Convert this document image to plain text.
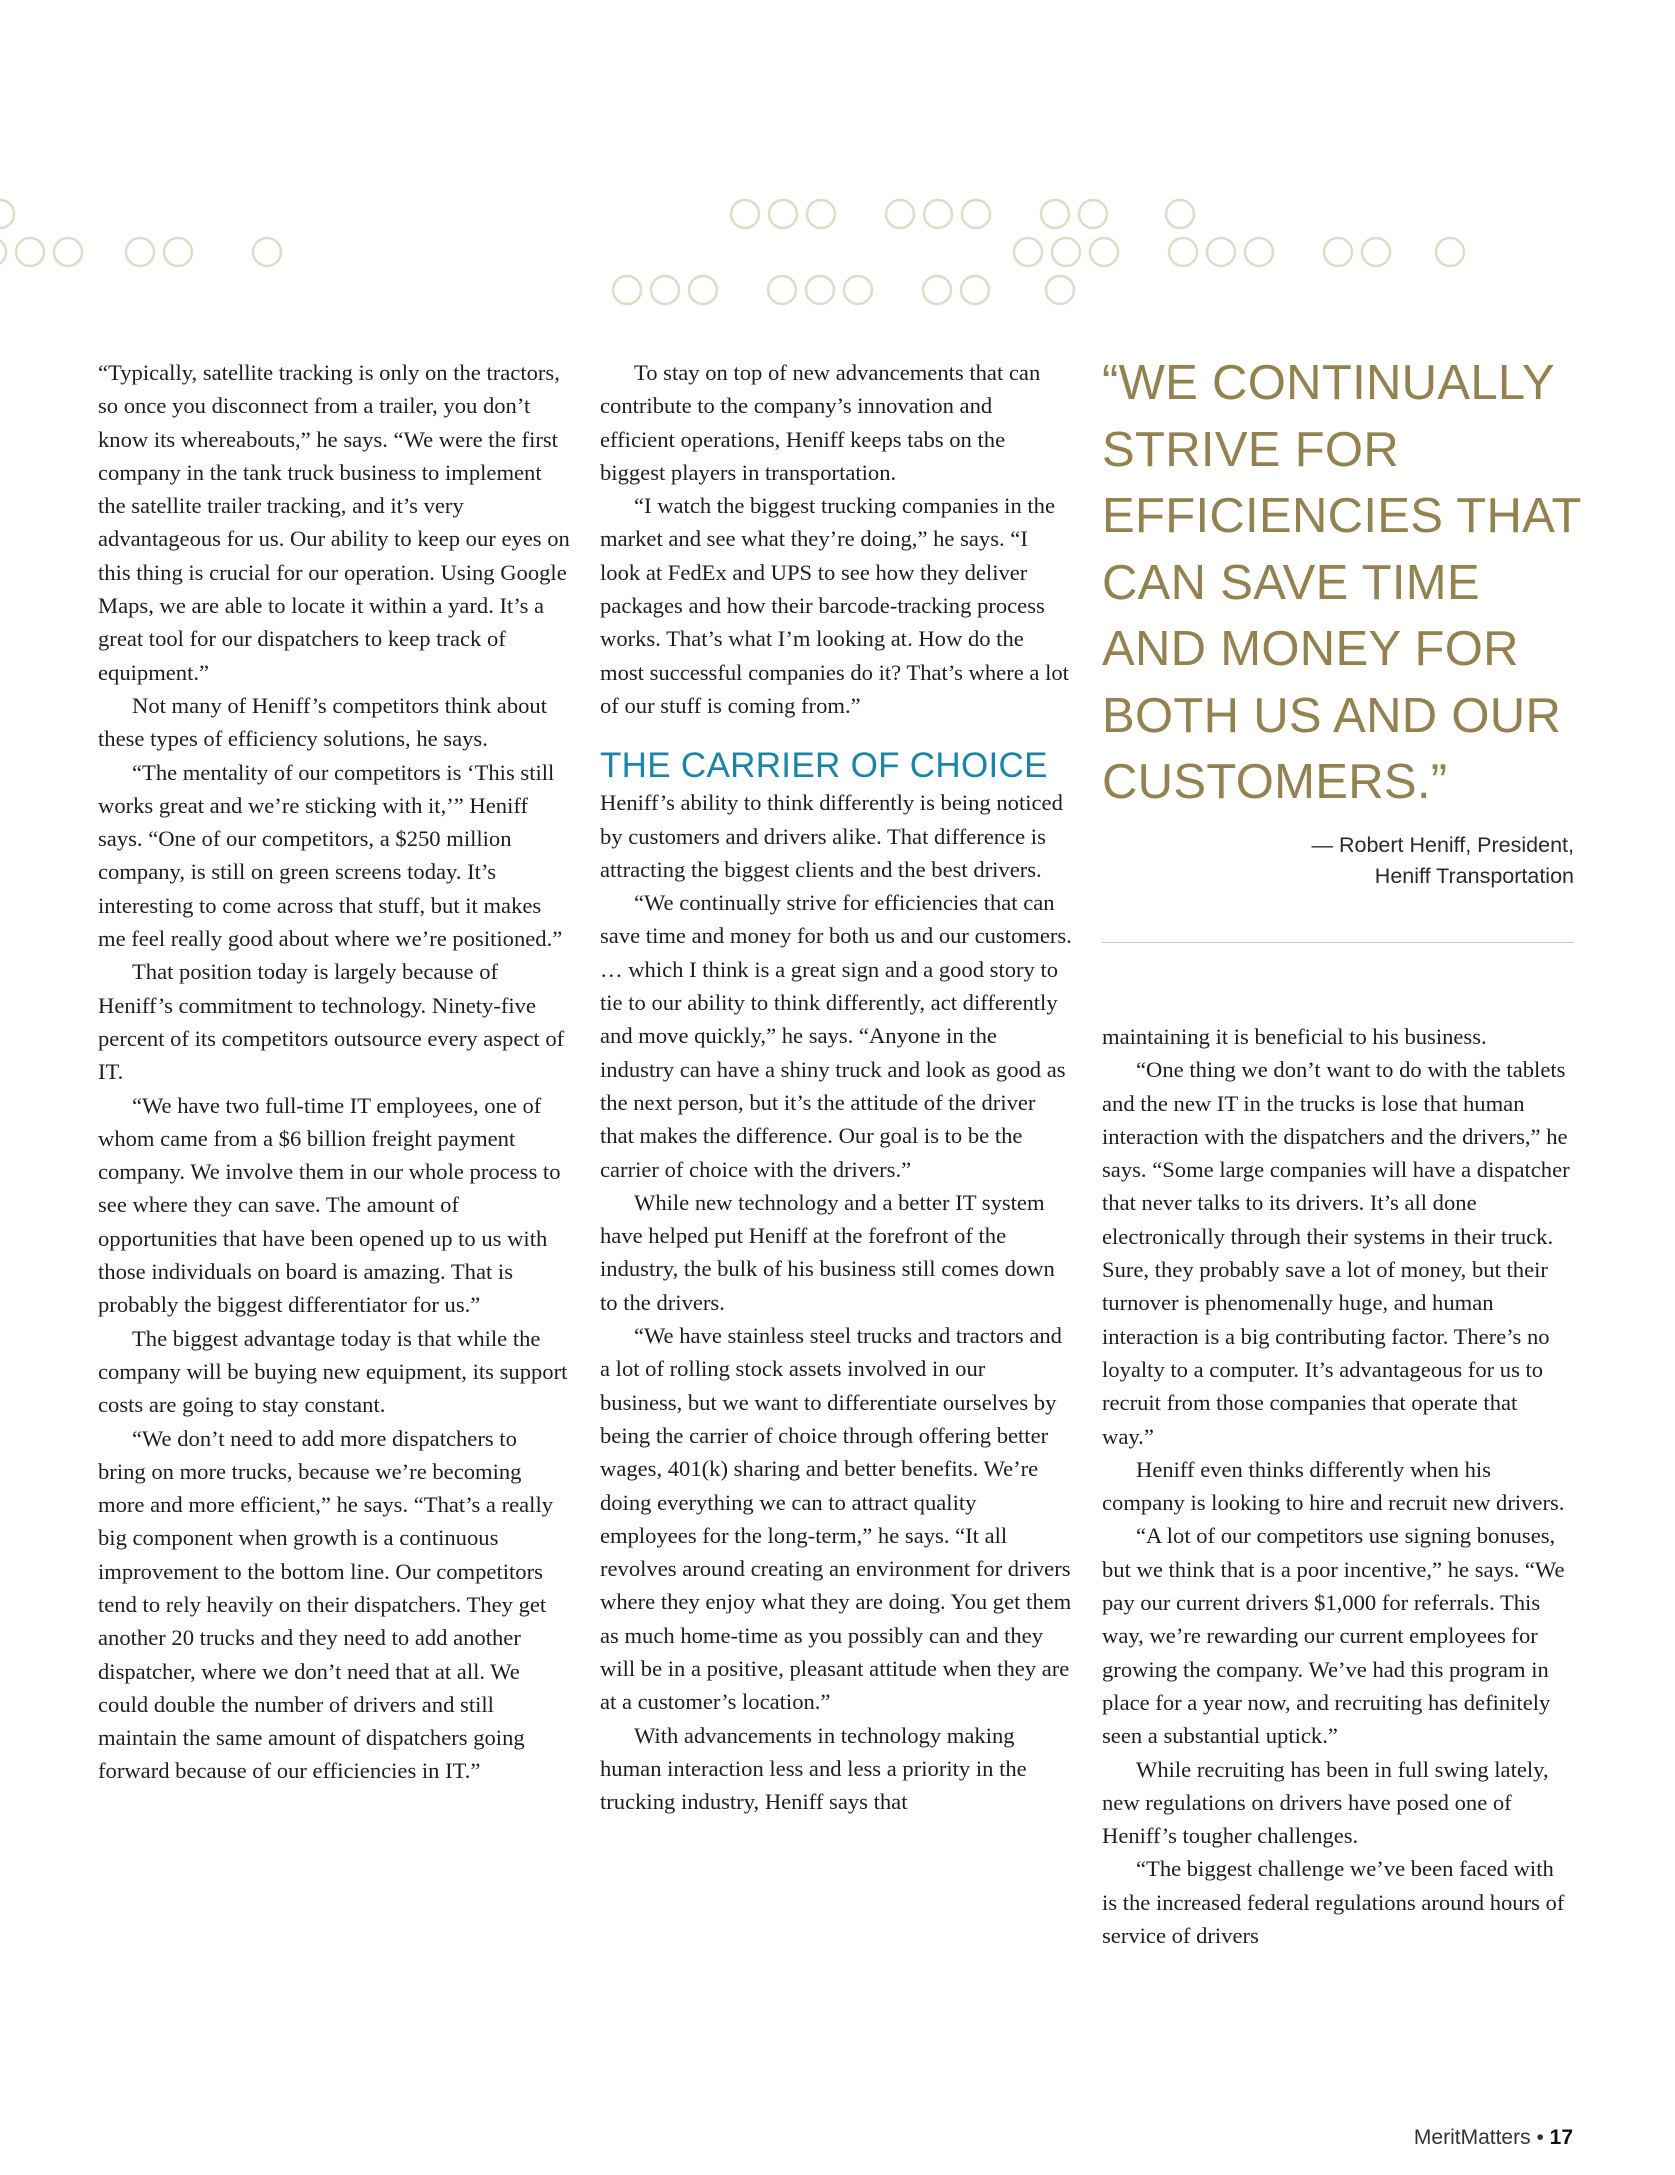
“Typically, satellite tracking is only on the tractors, so once you disconnect from a trailer, you don’t know its whereabouts,” he says. “We were the first company in the tank truck business to implement the satellite trailer tracking, and it’s very advantageous for us. Our ability to keep our eyes on this thing is crucial for our operation. Using Google Maps, we are able to locate it within a yard. It’s a great tool for our dispatchers to keep track of equipment.”

Not many of Heniff’s competitors think about these types of efficiency solutions, he says.

“The mentality of our competitors is ‘This still works great and we’re sticking with it,’” Heniff says. “One of our competitors, a $250 million company, is still on green screens today. It’s interesting to come across that stuff, but it makes me feel really good about where we’re positioned.”

That position today is largely because of Heniff’s commitment to technology. Ninety-five percent of its competitors outsource every aspect of IT.

“We have two full-time IT employees, one of whom came from a $6 billion freight payment company. We involve them in our whole process to see where they can save. The amount of opportunities that have been opened up to us with those individuals on board is amazing. That is probably the biggest differentiator for us.”

The biggest advantage today is that while the company will be buying new equipment, its support costs are going to stay constant.

“We don’t need to add more dispatchers to bring on more trucks, because we’re becoming more and more efficient,” he says. “That’s a really big component when growth is a continuous improvement to the bottom line. Our competitors tend to rely heavily on their dispatchers. They get another 20 trucks and they need to add another dispatcher, where we don’t need that at all. We could double the number of drivers and still maintain the same amount of dispatchers going forward because of our efficiencies in IT.”

To stay on top of new advancements that can contribute to the company’s innovation and efficient operations, Heniff keeps tabs on the biggest players in transportation.

“I watch the biggest trucking companies in the market and see what they’re doing,” he says. “I look at FedEx and UPS to see how they deliver packages and how their barcode-tracking process works. That’s what I’m looking at. How do the most successful companies do it? That’s where a lot of our stuff is coming from.”

THE CARRIER OF CHOICE

Heniff’s ability to think differently is being noticed by customers and drivers alike. That difference is attracting the biggest clients and the best drivers.

“We continually strive for efficiencies that can save time and money for both us and our customers. … which I think is a great sign and a good story to tie to our ability to think differently, act differently and move quickly,” he says. “Anyone in the industry can have a shiny truck and look as good as the next person, but it’s the attitude of the driver that makes the difference. Our goal is to be the carrier of choice with the drivers.”

While new technology and a better IT system have helped put Heniff at the forefront of the industry, the bulk of his business still comes down to the drivers.

“We have stainless steel trucks and tractors and a lot of rolling stock assets involved in our business, but we want to differentiate ourselves by being the carrier of choice through offering better wages, 401(k) sharing and better benefits. We’re doing everything we can to attract quality employees for the long-term,” he says. “It all revolves around creating an environment for drivers where they enjoy what they are doing. You get them as much home-time as you possibly can and they will be in a positive, pleasant attitude when they are at a customer’s location.”

With advancements in technology making human interaction less and less a priority in the trucking industry, Heniff says that

“WE CONTINUALLY STRIVE FOR EFFICIENCIES THAT CAN SAVE TIME AND MONEY FOR BOTH US AND OUR CUSTOMERS.”

— Robert Heniff, President,
Heniff Transportation

maintaining it is beneficial to his business.

“One thing we don’t want to do with the tablets and the new IT in the trucks is lose that human interaction with the dispatchers and the drivers,” he says. “Some large companies will have a dispatcher that never talks to its drivers. It’s all done electronically through their systems in their truck. Sure, they probably save a lot of money, but their turnover is phenomenally huge, and human interaction is a big contributing factor. There’s no loyalty to a computer. It’s advantageous for us to recruit from those companies that operate that way.”

Heniff even thinks differently when his company is looking to hire and recruit new drivers.

“A lot of our competitors use signing bonuses, but we think that is a poor incentive,” he says. “We pay our current drivers $1,000 for referrals. This way, we’re rewarding our current employees for growing the company. We’ve had this program in place for a year now, and recruiting has definitely seen a substantial uptick.”

While recruiting has been in full swing lately, new regulations on drivers have posed one of Heniff’s tougher challenges.

“The biggest challenge we’ve been faced with is the increased federal regulations around hours of service of drivers

MeritMatters • 17
